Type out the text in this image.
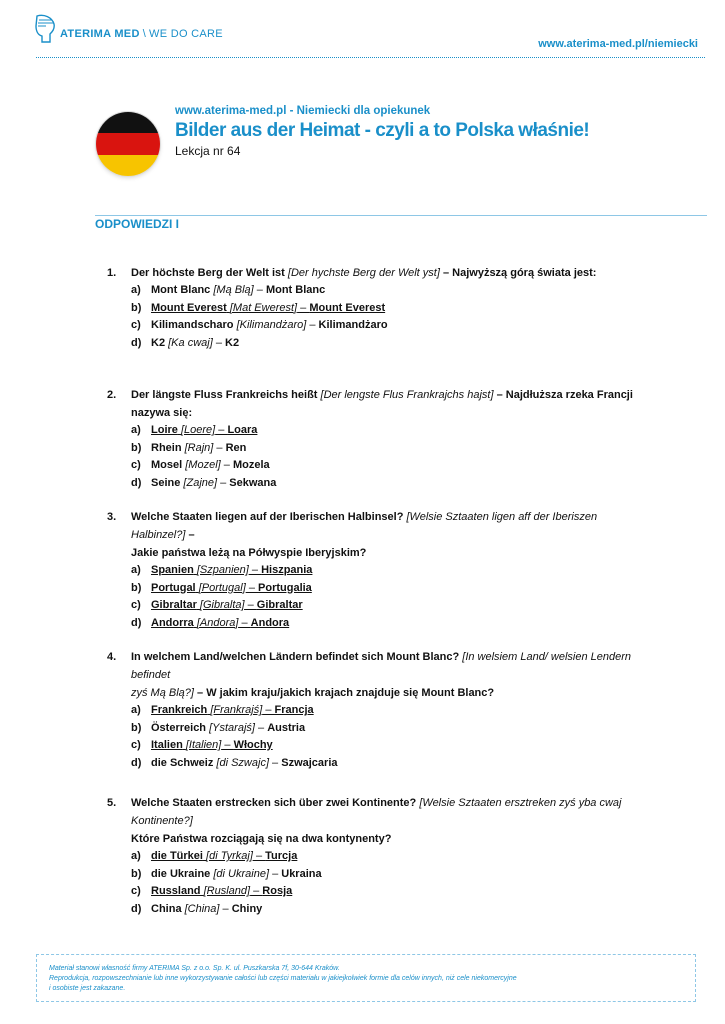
ATERIMA MED \ WE DO CARE
www.aterima-med.pl/niemiecki
www.aterima-med.pl - Niemiecki dla opiekunek
Bilder aus der Heimat - czyli a to Polska właśnie!
Lekcja nr 64
ODPOWIEDZI I
1.	Der höchste Berg der Welt ist [Der hychste Berg der Welt yst] – Najwyższą górą świata jest:
a) Mont Blanc [Mą Blą] – Mont Blanc
b) Mount Everest [Mat Ewerest] – Mount Everest
c) Kilimandscharo [Kilimandżaro] – Kilimandżaro
d) K2 [Ka cwaj] – K2
2.	Der längste Fluss Frankreichs heißt [Der lengste Flus Frankrajchs hajst] – Najdłuższa rzeka Francji nazywa się:
a) Loire [Loere] – Loara
b) Rhein [Rajn] – Ren
c) Mosel [Mozel] – Mozela
d) Seine [Zajne] – Sekwana
3.	Welche Staaten liegen auf der Iberischen Halbinsel? [Welsie Sztaaten ligen aff der Iberiszen Halbinzel?] –
Jakie państwa leżą na Półwyspie Iberyjskim?
a) Spanien [Szpanien] – Hiszpania
b) Portugal [Portugal] – Portugalia
c) Gibraltar [Gibralta] – Gibraltar
d) Andorra [Andora] – Andora
4.	In welchem Land/welchen Ländern befindet sich Mount Blanc? [In welsiem Land/ welsien Lendern befindet
zyś Mą Blą?] – W jakim kraju/jakich krajach znajduje się Mount Blanc?
a) Frankreich [Frankrajś] – Francja
b) Österreich [Ystarajś] – Austria
c) Italien [Italien] – Włochy
d) die Schweiz [di Szwajc] – Szwajcaria
5.	Welche Staaten erstrecken sich über zwei Kontinente? [Welsie Sztaaten ersztreken zyś yba cwaj Kontinente?]
Które Państwa rozciągają się na dwa kontynenty?
a) die Türkei [di Tyrkaj] – Turcja
b) die Ukraine [di Ukraine] – Ukraina
c) Russland [Rusland] – Rosja
d) China [China] – Chiny

Materiał stanowi własność firmy ATERIMA Sp. z o.o. Sp. K. ul. Puszkarska 7f, 30-644 Kraków.

Reprodukcja, rozpowszechnianie lub inne wykorzystywanie całości lub części materiału w jakiejkolwiek formie dla celów innych, niż cele niekomercyjne

i osobiste jest zakazane.
